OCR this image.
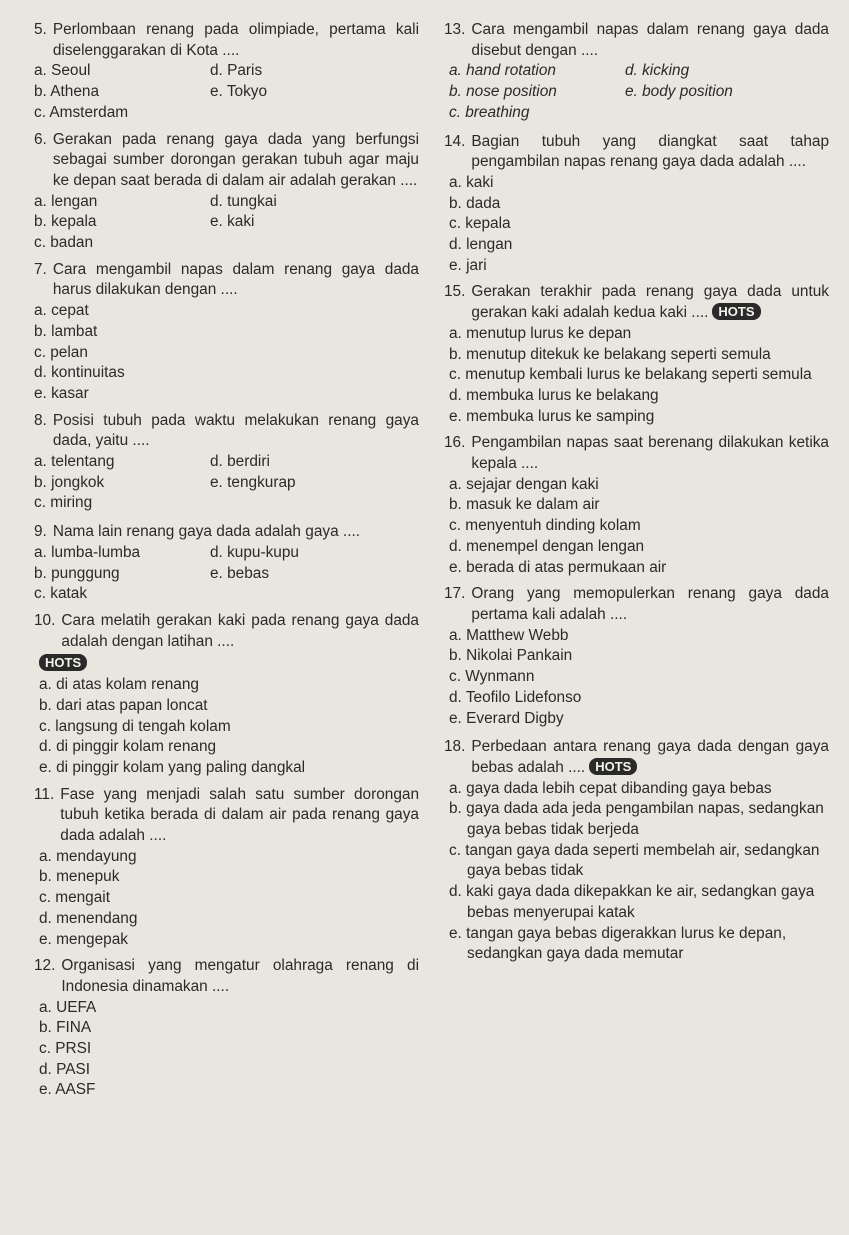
5. Perlombaan renang pada olimpiade, pertama kali diselenggarakan di Kota ....
a. Seoul	d. Paris
b. Athena	e. Tokyo
c. Amsterdam
6. Gerakan pada renang gaya dada yang berfungsi sebagai sumber dorongan gerakan tubuh agar maju ke depan saat berada di dalam air adalah gerakan ....
a. lengan	d. tungkai
b. kepala	e. kaki
c. badan
7. Cara mengambil napas dalam renang gaya dada harus dilakukan dengan ....
a. cepat
b. lambat
c. pelan
d. kontinuitas
e. kasar
8. Posisi tubuh pada waktu melakukan renang gaya dada, yaitu ....
a. telentang	d. berdiri
b. jongkok	e. tengkurap
c. miring
9. Nama lain renang gaya dada adalah gaya ....
a. lumba-lumba	d. kupu-kupu
b. punggung	e. bebas
c. katak
10. Cara melatih gerakan kaki pada renang gaya dada adalah dengan latihan ....
HOTS
a. di atas kolam renang
b. dari atas papan loncat
c. langsung di tengah kolam
d. di pinggir kolam renang
e. di pinggir kolam yang paling dangkal
11. Fase yang menjadi salah satu sumber dorongan tubuh ketika berada di dalam air pada renang gaya dada adalah ....
a. mendayung
b. menepuk
c. mengait
d. menendang
e. mengepak
12. Organisasi yang mengatur olahraga renang di Indonesia dinamakan ....
a. UEFA
b. FINA
c. PRSI
d. PASI
e. AASF
13. Cara mengambil napas dalam renang gaya dada disebut dengan ....
a. hand rotation	d. kicking
b. nose position	e. body position
c. breathing
14. Bagian tubuh yang diangkat saat tahap pengambilan napas renang gaya dada adalah ....
a. kaki
b. dada
c. kepala
d. lengan
e. jari
15. Gerakan terakhir pada renang gaya dada untuk gerakan kaki adalah kedua kaki .... HOTS
a. menutup lurus ke depan
b. menutup ditekuk ke belakang seperti semula
c. menutup kembali lurus ke belakang seperti semula
d. membuka lurus ke belakang
e. membuka lurus ke samping
16. Pengambilan napas saat berenang dilakukan ketika kepala ....
a. sejajar dengan kaki
b. masuk ke dalam air
c. menyentuh dinding kolam
d. menempel dengan lengan
e. berada di atas permukaan air
17. Orang yang memopulerkan renang gaya dada pertama kali adalah ....
a. Matthew Webb
b. Nikolai Pankain
c. Wynmann
d. Teofilo Lidefonso
e. Everard Digby
18. Perbedaan antara renang gaya dada dengan gaya bebas adalah .... HOTS
a. gaya dada lebih cepat dibanding gaya bebas
b. gaya dada ada jeda pengambilan napas, sedangkan gaya bebas tidak berjeda
c. tangan gaya dada seperti membelah air, sedangkan gaya bebas tidak
d. kaki gaya dada dikepakkan ke air, sedangkan gaya bebas menyerupai katak
e. tangan gaya bebas digerakkan lurus ke depan, sedangkan gaya dada memutar
